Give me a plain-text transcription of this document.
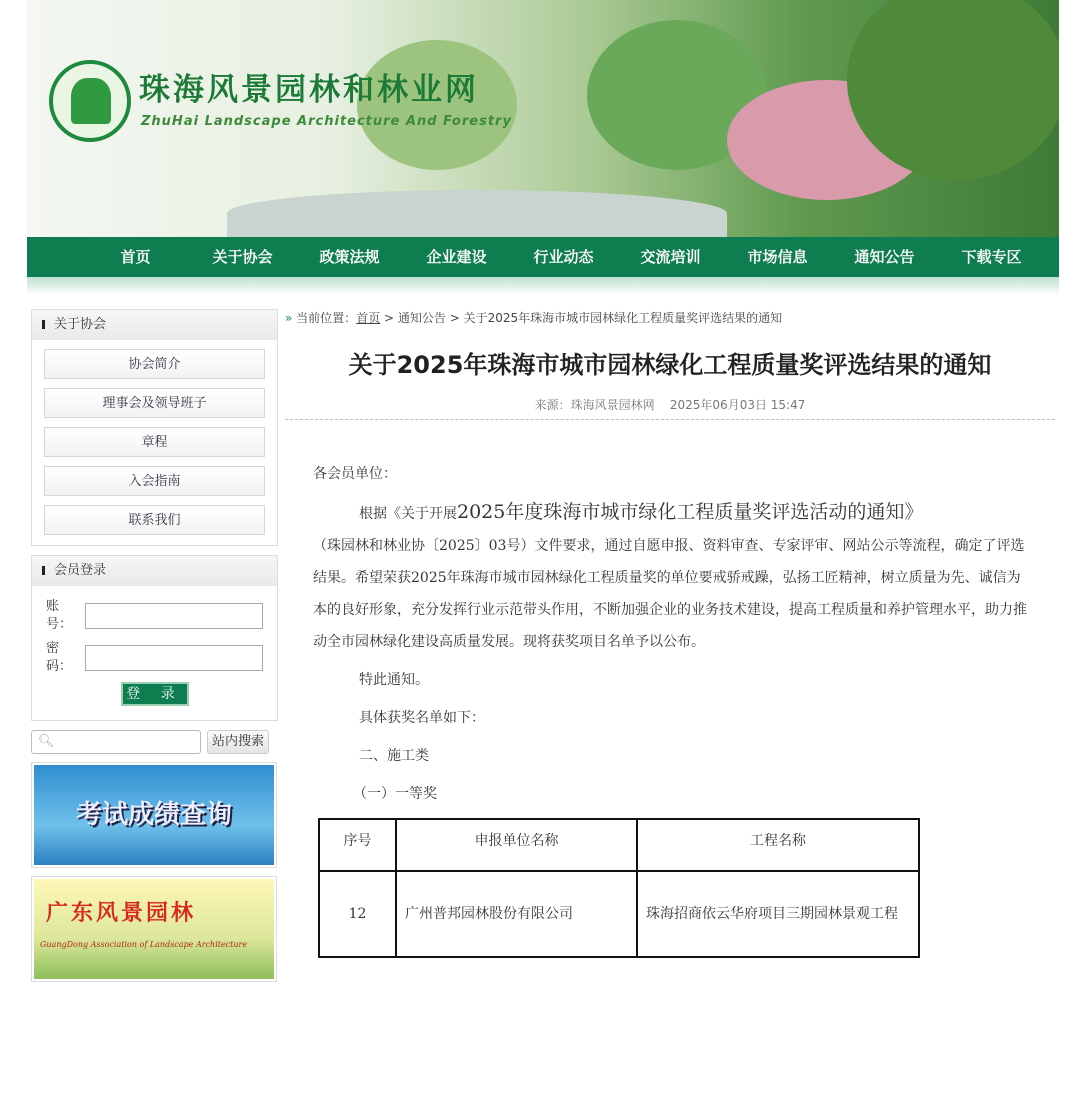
珠海风景园林和林业网
ZhuHai Landscape Architecture And Forestry
首页	关于协会	政策法规	企业建设	行业动态	交流培训	市场信息	通知公告	下载专区
关于协会
协会简介
理事会及领导班子
章程
入会指南
联系我们
会员登录
账号：
密码：
登 录
🔍︎	站内搜索
考试成绩查询
广东风景园林
GuangDong Association of Landscape Architecture
» 当前位置：首页 > 通知公告 > 关于2025年珠海市城市园林绿化工程质量奖评选结果的通知
关于2025年珠海市城市园林绿化工程质量奖评选结果的通知
来源：珠海风景园林网    2025年06月03日 15:47

各会员单位：

根据《关于开展2025年度珠海市城市绿化工程质量奖评选活动的通知》

（珠园林和林业协〔2025〕03号）文件要求，通过自愿申报、资料审查、专家评审、网站公示等流程，确定了评选结果。希望荣获2025年珠海市城市园林绿化工程质量奖的单位要戒骄戒躁，弘扬工匠精神，树立质量为先、诚信为本的良好形象，充分发挥行业示范带头作用，不断加强企业的业务技术建设，提高工程质量和养护管理水平，助力推动全市园林绿化建设高质量发展。现将获奖项目名单予以公布。

特此通知。

具体获奖名单如下：

二、施工类

（一）一等奖

序号	申报单位名称	工程名称
12	广州普邦园林股份有限公司	珠海招商依云华府项目三期园林景观工程
